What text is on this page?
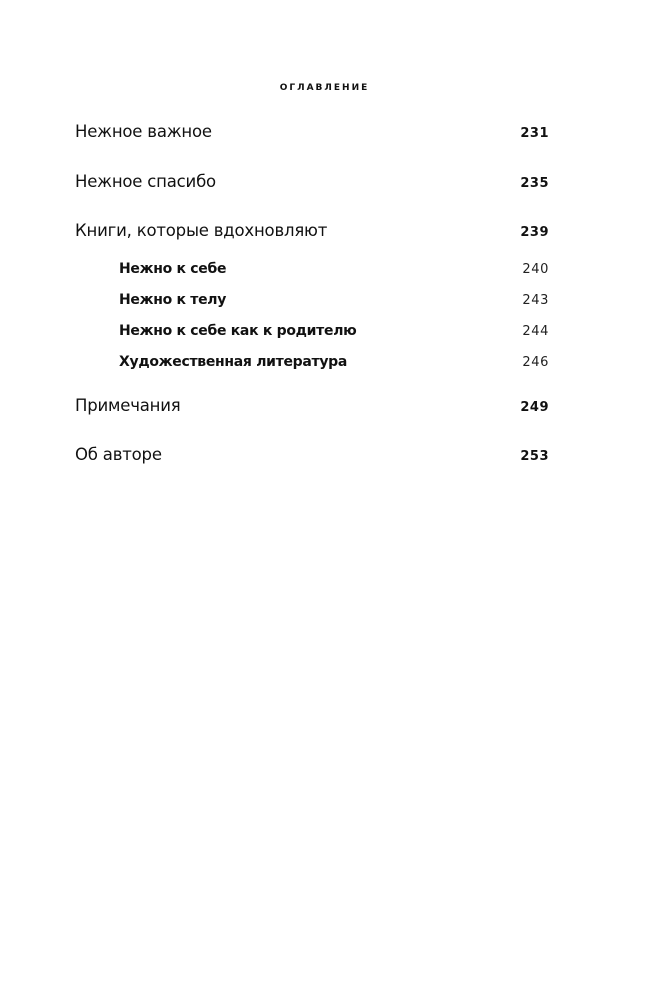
ОГЛАВЛЕНИЕ
Нежное важное	231
Нежное спасибо	235
Книги, которые вдохновляют	239
Нежно к себе	240
Нежно к телу	243
Нежно к себе как к родителю	244
Художественная литература	246
Примечания	249
Об авторе	253
